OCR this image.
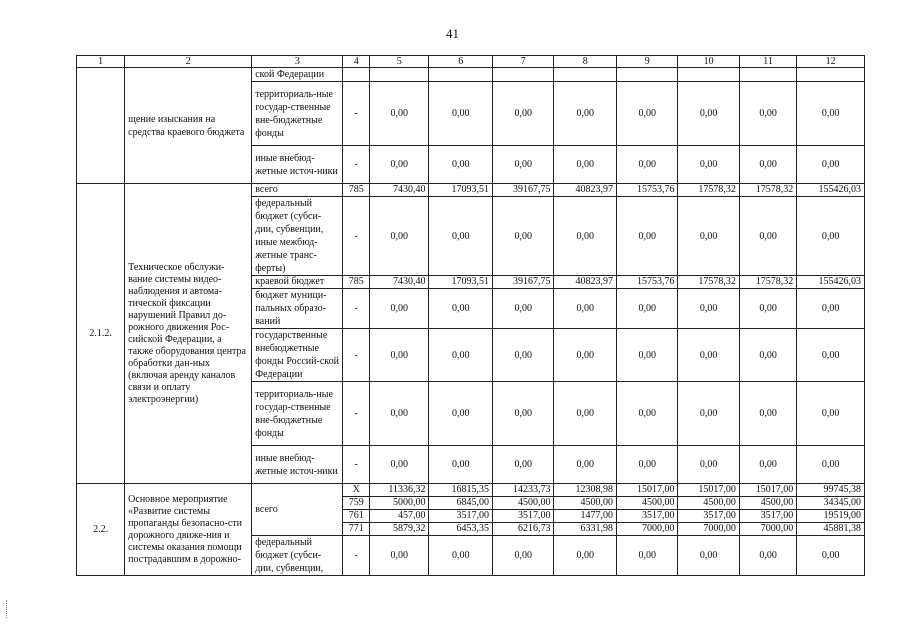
41
1	2	3	4	5	6	7	8	9	10	11	12
	щение изыскания на средства краевого бюджета	ской Федерации									
		территориаль-ные государ-ственные вне-бюджетные фонды	-	0,00	0,00	0,00	0,00	0,00	0,00	0,00	0,00
		иные внебюд-жетные источ-ники	-	0,00	0,00	0,00	0,00	0,00	0,00	0,00	0,00
2.1.2.	Техническое обслужи-вание системы видео-наблюдения и автома-тической фиксации нарушений Правил до-рожного движения Рос-сийской Федерации, а также оборудования центра обработки дан-ных (включая аренду каналов связи и оплату электроэнергии)	всего	785	7430,40	17093,51	39167,75	40823,97	15753,76	17578,32	17578,32	155426,03
		федеральный бюджет (субси-дии, субвенции, иные межбюд-жетные транс-ферты)	-	0,00	0,00	0,00	0,00	0,00	0,00	0,00	0,00
		краевой бюджет	785	7430,40	17093,51	39167,75	40823,97	15753,76	17578,32	17578,32	155426,03
		бюджет муници-пальных образо-ваний	-	0,00	0,00	0,00	0,00	0,00	0,00	0,00	0,00
		государственные внебюджетные фонды Россий-ской Федерации	-	0,00	0,00	0,00	0,00	0,00	0,00	0,00	0,00
		территориаль-ные государ-ственные вне-бюджетные фонды	-	0,00	0,00	0,00	0,00	0,00	0,00	0,00	0,00
		иные внебюд-жетные источ-ники	-	0,00	0,00	0,00	0,00	0,00	0,00	0,00	0,00

2.2.	Основное мероприятие «Развитие системы пропаганды безопасно-сти дорожного движе-ния и системы оказания помощи пострадавшим в дорожно-	всего	X	11336,32	16815,35	14233,73	12308,98	15017,00	15017,00	15017,00	99745,38
			759	5000,00	6845,00	4500,00	4500,00	4500,00	4500,00	4500,00	34345,00
			761	457,00	3517,00	3517,00	1477,00	3517,00	3517,00	3517,00	19519,00
			771	5879,32	6453,35	6216,73	6331,98	7000,00	7000,00	7000,00	45881,38
		федеральный бюджет (субси-дии, субвенции,	-	0,00	0,00	0,00	0,00	0,00	0,00	0,00	0,00
